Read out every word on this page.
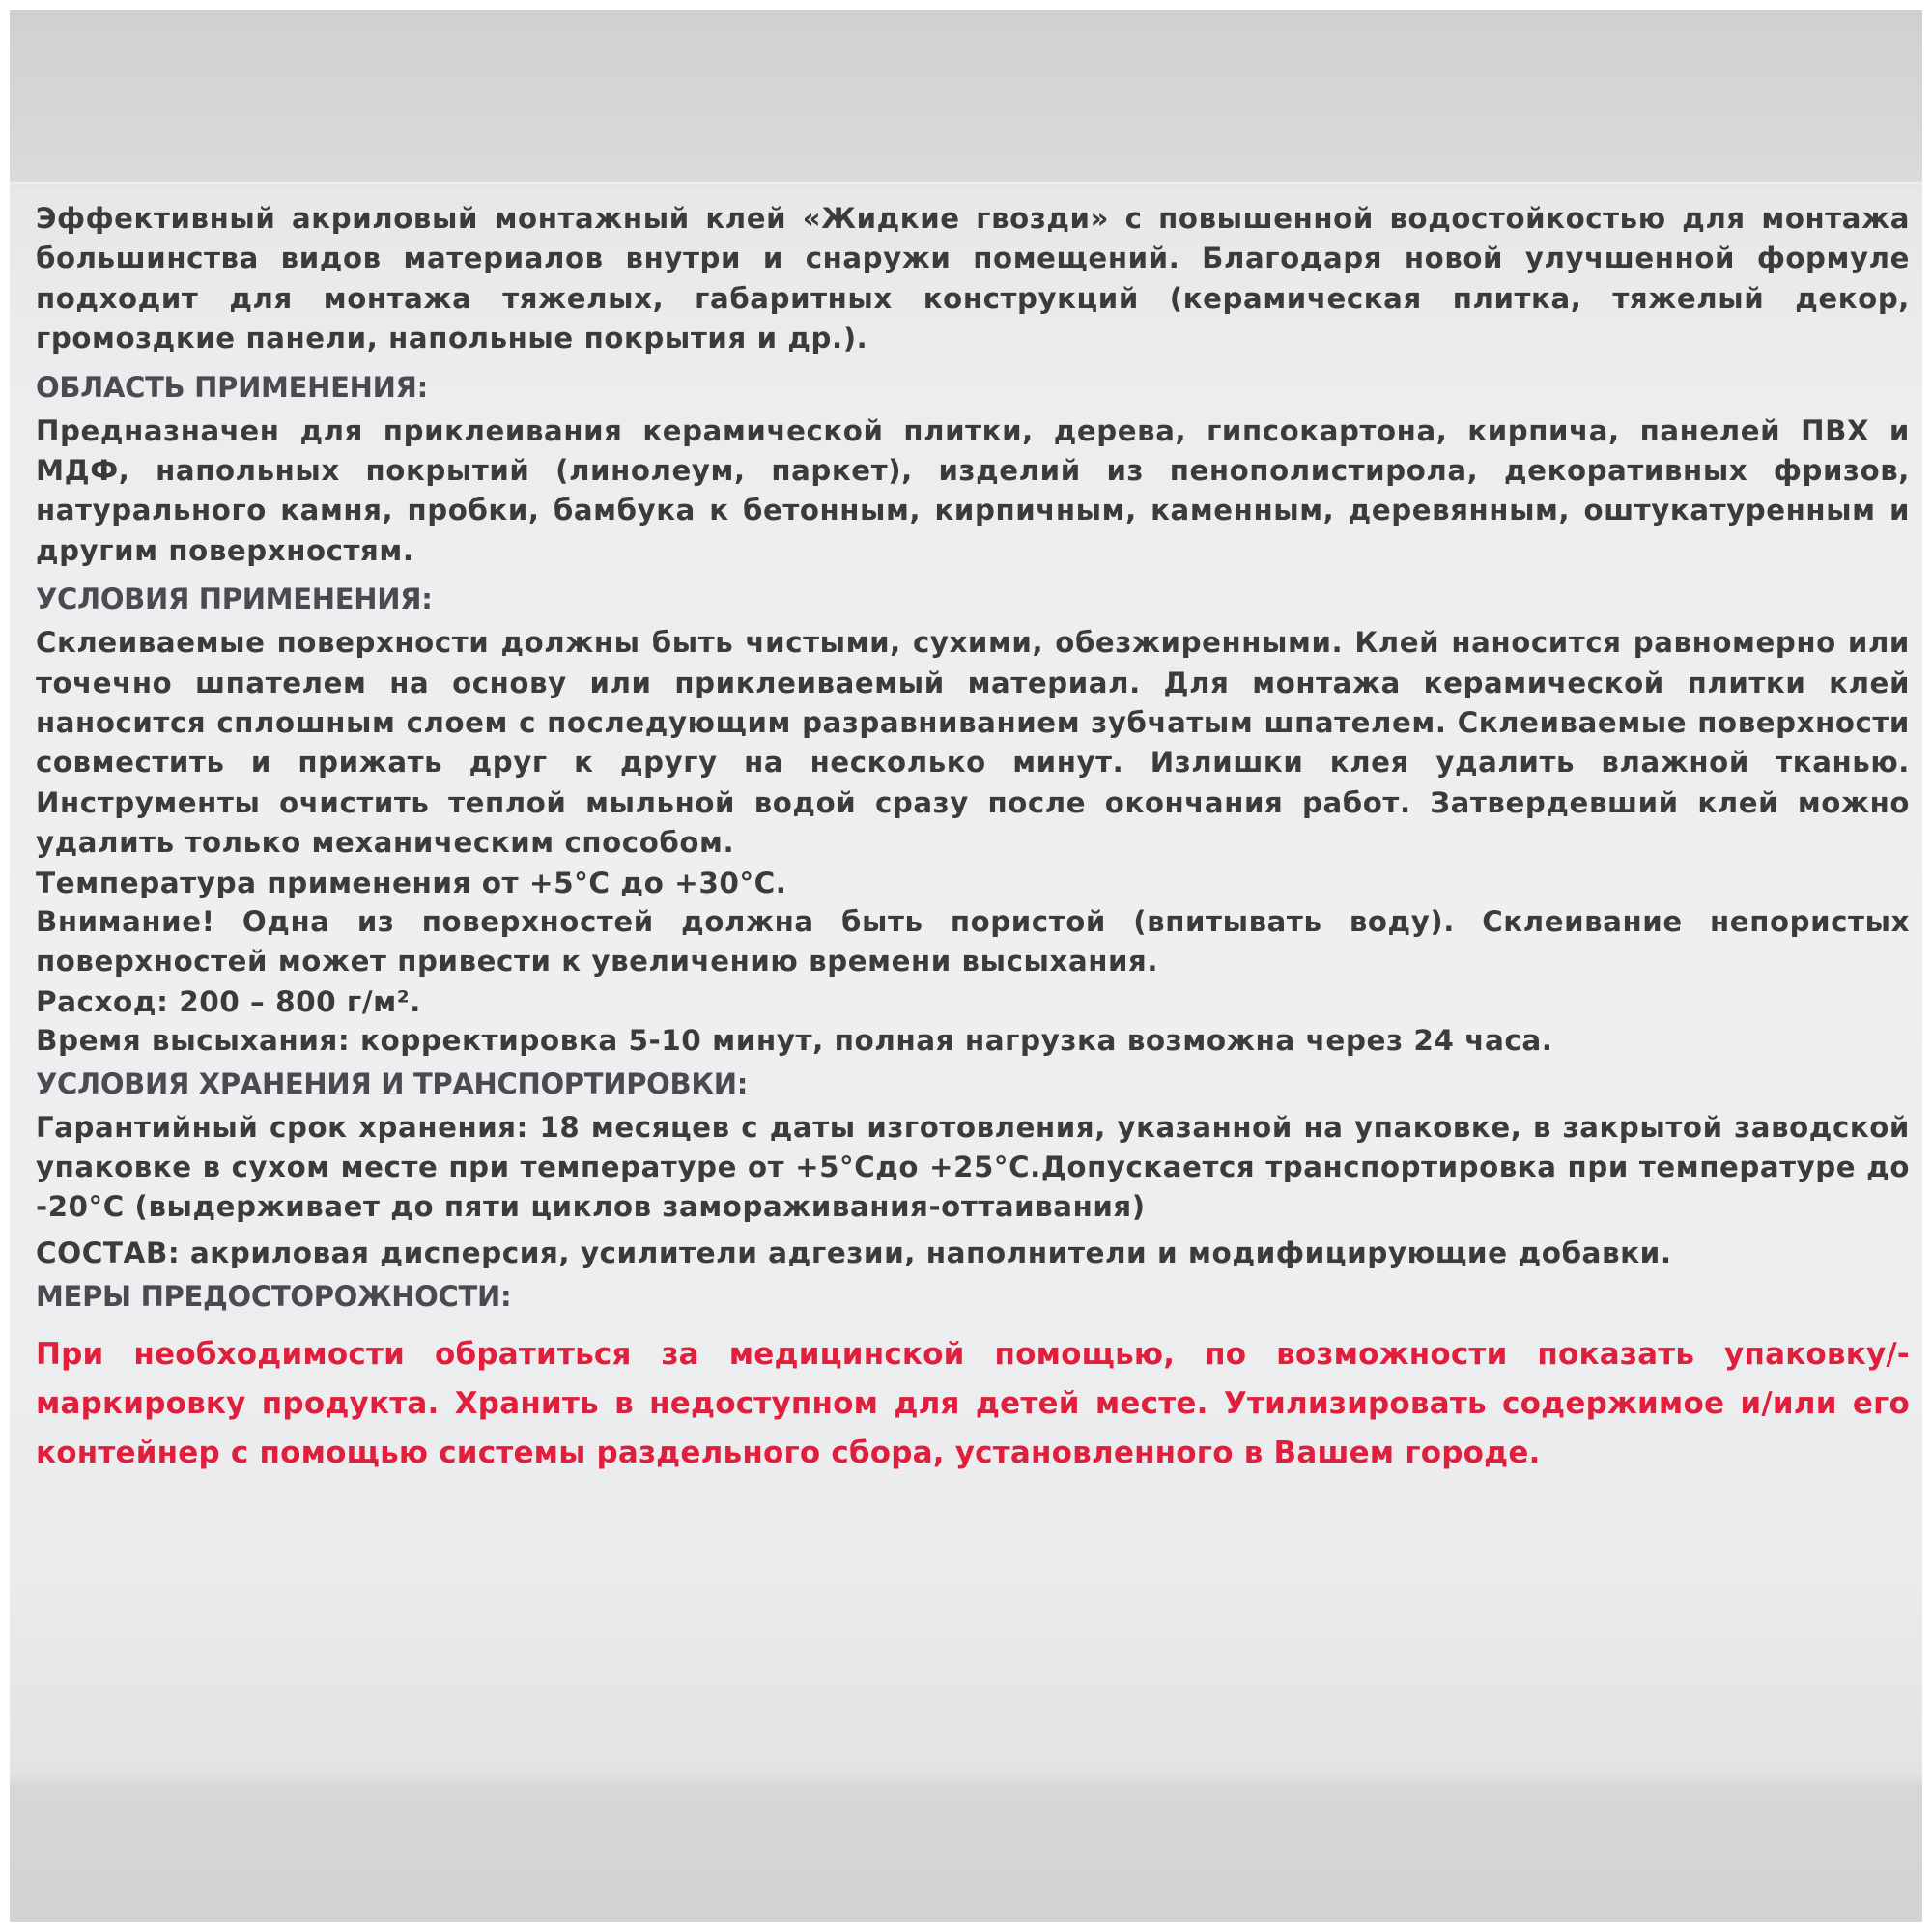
Эффективный акриловый монтажный клей «Жидкие гвозди» с повышенной водостойкостью для монтажа большинства видов материалов внутри и снаружи помещений. Благодаря новой улучшенной формуле подходит для монтажа тяжелых, габаритных конструкций (керамическая плитка, тяжелый декор, громоздкие панели, напольные покрытия и др.).

ОБЛАСТЬ ПРИМЕНЕНИЯ:

Предназначен для приклеивания керамической плитки, дерева, гипсокартона, кирпича, панелей ПВХ и МДФ, напольных покрытий (линолеум, паркет), изделий из пенополистирола, декоративных фризов, натурального камня, пробки, бамбука к бетонным, кирпичным, каменным, деревянным, оштукатуренным и другим поверхностям.

УСЛОВИЯ ПРИМЕНЕНИЯ:

Склеиваемые поверхности должны быть чистыми, сухими, обезжиренными. Клей наносится равномерно или точечно шпателем на основу или приклеиваемый материал. Для монтажа керамической плитки клей наносится сплошным слоем с последующим разравниванием зубчатым шпателем. Склеиваемые поверхности совместить и прижать друг к другу на несколько минут. Излишки клея удалить влажной тканью. Инструменты очистить теплой мыльной водой сразу после окончания работ. Затвердевший клей можно удалить только механическим способом.

Температура применения от +5°С до +30°С.

Внимание! Одна из поверхностей должна быть пористой (впитывать воду). Склеивание непористых поверхностей может привести к увеличению времени высыхания.

Расход: 200 – 800 г/м².

Время высыхания: корректировка 5-10 минут, полная нагрузка возможна через 24 часа.

УСЛОВИЯ ХРАНЕНИЯ И ТРАНСПОРТИРОВКИ:

Гарантийный срок хранения: 18 месяцев с даты изготовления, указанной на упаковке, в закрытой заводской упаковке в сухом месте при температуре от +5°Сдо +25°С.Допускается транспортировка при температуре до -20°С (выдерживает до пяти циклов замораживания-оттаивания)

СОСТАВ: акриловая дисперсия, усилители адгезии, наполнители и модифицирующие добавки.

МЕРЫ ПРЕДОСТОРОЖНОСТИ:

При необходимости обратиться за медицинской помощью, по возможности показать упаковку/-маркировку продукта. Хранить в недоступном для детей месте. Утилизировать содержимое и/или его контейнер с помощью системы раздельного сбора, установленного в Вашем городе.
